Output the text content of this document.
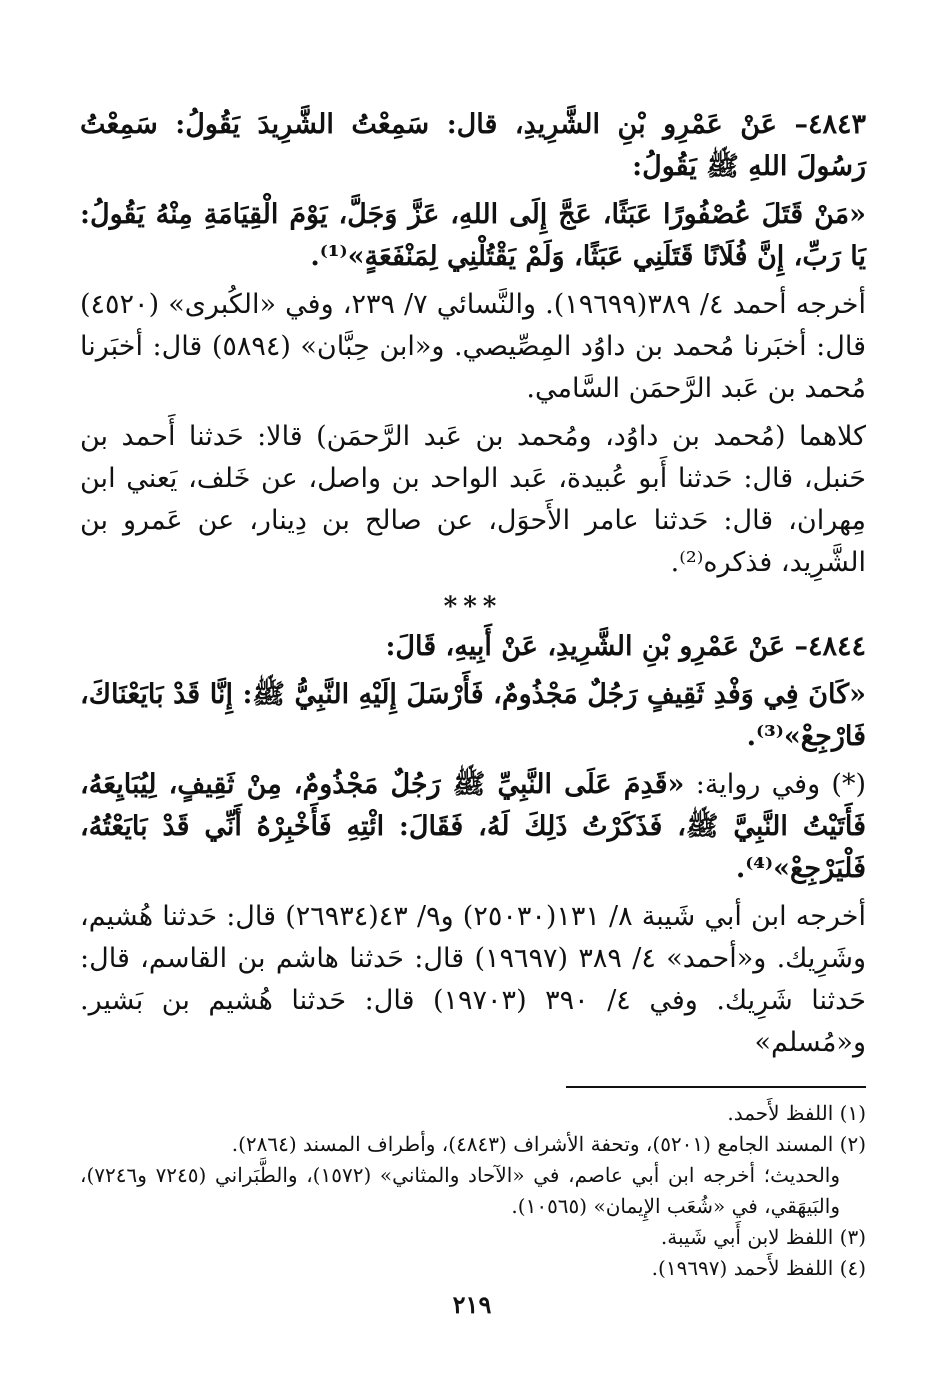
٤٨٤٣– عَنْ عَمْرِو بْنِ الشَّرِيدِ، قال: سَمِعْتُ الشَّرِيدَ يَقُولُ: سَمِعْتُ رَسُولَ اللهِ ﷺ يَقُولُ:

«مَنْ قَتَلَ عُصْفُورًا عَبَثًا، عَجَّ إِلَى اللهِ، عَزَّ وَجَلَّ، يَوْمَ الْقِيَامَةِ مِنْهُ يَقُولُ: يَا رَبِّ، إِنَّ فُلَانًا قَتَلَنِي عَبَثًا، وَلَمْ يَقْتُلْنِي لِمَنْفَعَةٍ»⁽¹⁾.

أخرجه أحمد ٤/ ٣٨٩(١٩٦٩٩). والنَّسائي ٧/ ٢٣٩، وفي «الكُبرى» (٤٥٢٠) قال: أخبَرنا مُحمد بن داوُد المِصِّيصي. و«ابن حِبَّان» (٥٨٩٤) قال: أخبَرنا مُحمد بن عَبد الرَّحمَن السَّامي.

كلاهما (مُحمد بن داوُد، ومُحمد بن عَبد الرَّحمَن) قالا: حَدثنا أَحمد بن حَنبل، قال: حَدثنا أَبو عُبيدة، عَبد الواحد بن واصل، عن خَلف، يَعني ابن مِهران، قال: حَدثنا عامر الأَحوَل، عن صالح بن دِينار، عن عَمرو بن الشَّرِيد، فذكره⁽²⁾.

***

٤٨٤٤– عَنْ عَمْرِو بْنِ الشَّرِيدِ، عَنْ أَبِيهِ، قَالَ:

«كَانَ فِي وَفْدِ ثَقِيفٍ رَجُلٌ مَجْذُومٌ، فَأَرْسَلَ إِلَيْهِ النَّبِيُّ ﷺ: إِنَّا قَدْ بَايَعْنَاكَ، فَارْجِعْ»⁽³⁾.

(*) وفي رواية: «قَدِمَ عَلَى النَّبِيِّ ﷺ رَجُلٌ مَجْذُومٌ، مِنْ ثَقِيفٍ، لِيُبَايِعَهُ، فَأَتَيْتُ النَّبِيَّ ﷺ، فَذَكَرْتُ ذَلِكَ لَهُ، فَقَالَ: ائْتِهِ فَأَخْبِرْهُ أَنِّي قَدْ بَايَعْتُهُ، فَلْيَرْجِعْ»⁽⁴⁾.

أخرجه ابن أبي شَيبة ٨/ ١٣١(٢٥٠٣٠) و٩/ ٤٣(٢٦٩٣٤) قال: حَدثنا هُشيم، وشَرِيك. و«أحمد» ٤/ ٣٨٩ (١٩٦٩٧) قال: حَدثنا هاشم بن القاسم، قال: حَدثنا شَرِيك. وفي ٤/ ٣٩٠ (١٩٧٠٣) قال: حَدثنا هُشيم بن بَشير. و«مُسلم»

(١) اللفظ لأَحمد.

(٢) المسند الجامع (٥٢٠١)، وتحفة الأشراف (٤٨٤٣)، وأطراف المسند (٢٨٦٤).

والحديث؛ أخرجه ابن أبي عاصم، في «الآحاد والمثاني» (١٥٧٢)، والطَّبَراني (٧٢٤٥ و٧٢٤٦)، والبَيهَقي، في «شُعَب الإِيمان» (١٠٥٦٥).

(٣) اللفظ لابن أَبي شَيبة.

(٤) اللفظ لأَحمد (١٩٦٩٧).

٢١٩
